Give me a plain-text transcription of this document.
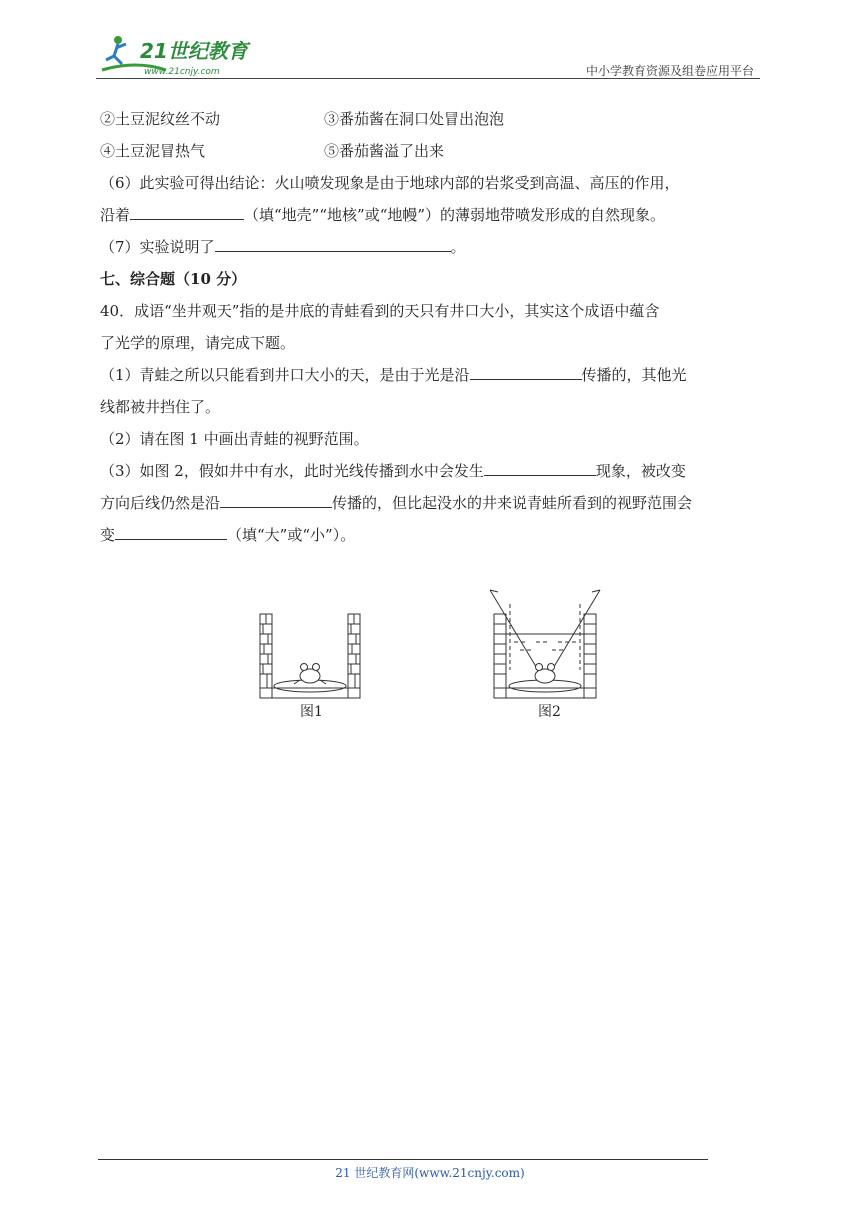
21世纪教育
www.21cnjy.com	中小学教育资源及组卷应用平台
②土豆泥纹丝不动	③番茄酱在洞口处冒出泡泡
④土豆泥冒热气	⑤番茄酱溢了出来
（6）此实验可得出结论：火山喷发现象是由于地球内部的岩浆受到高温、高压的作用，
沿着	（填“地壳”“地核”或“地幔”）的薄弱地带喷发形成的自然现象。
（7）实验说明了	。
七、综合题（10 分）
40．成语“坐井观天”指的是井底的青蛙看到的天只有井口大小，其实这个成语中蕴含
了光学的原理，请完成下题。
（1）青蛙之所以只能看到井口大小的天，是由于光是沿	传播的，其他光
线都被井挡住了。
（2）请在图 1 中画出青蛙的视野范围。
（3）如图 2，假如井中有水，此时光线传播到水中会发生	现象，被改变
方向后线仍然是沿	传播的，但比起没水的井来说青蛙所看到的视野范围会
变	（填“大”或“小”）。
图1	图2
21 世纪教育网(www.21cnjy.com)
